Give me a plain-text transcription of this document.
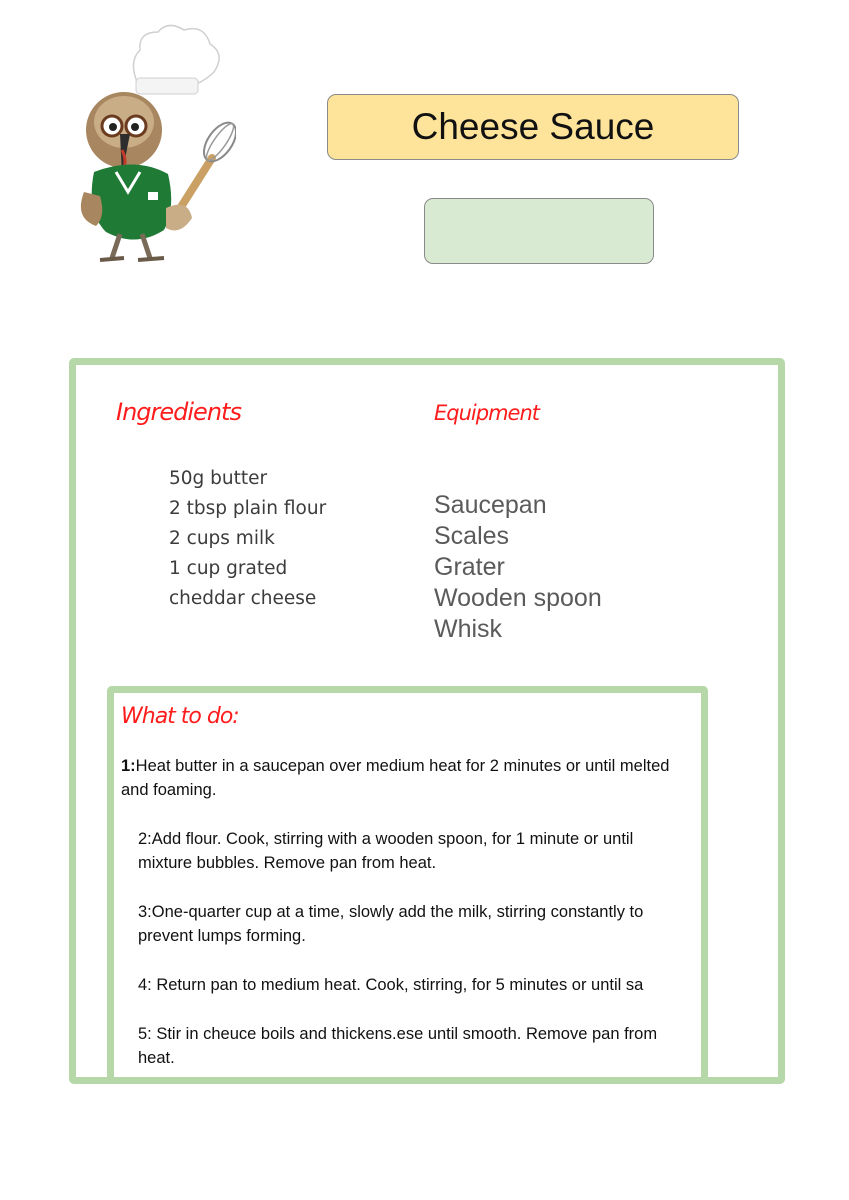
Cheese Sauce
Ingredients	Equipment
50g butter
2 tbsp plain flour
2 cups milk
1 cup grated
cheddar cheese
Saucepan
Scales
Grater
Wooden spoon
Whisk
What to do:
1:Heat butter in a saucepan over medium heat for 2 minutes or until melted and foaming.
2:Add flour. Cook, stirring with a wooden spoon, for 1 minute or until mixture bubbles. Remove pan from heat.
3:One-quarter cup at a time, slowly add the milk, stirring constantly to prevent lumps forming.
4: Return pan to medium heat. Cook, stirring, for 5 minutes or until sa
5: Stir in cheuce boils and thickens.ese until smooth. Remove pan from heat.
